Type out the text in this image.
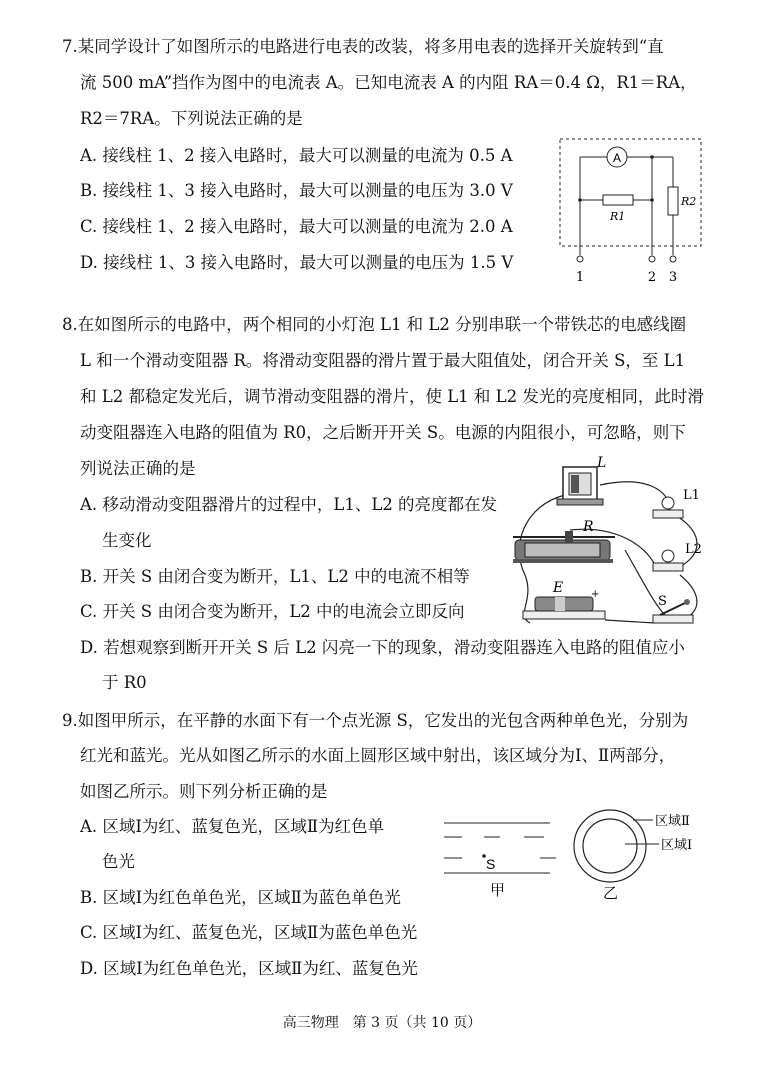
7.某同学设计了如图所示的电路进行电表的改装，将多用电表的选择开关旋转到“直
流 500 mA”挡作为图中的电流表 A。已知电流表 A 的内阻 RA＝0.4 Ω，R1＝RA，
R2＝7RA。下列说法正确的是
A. 接线柱 1、2 接入电路时，最大可以测量的电流为 0.5 A
B. 接线柱 1、3 接入电路时，最大可以测量的电压为 3.0 V
C. 接线柱 1、2 接入电路时，最大可以测量的电流为 2.0 A
D. 接线柱 1、3 接入电路时，最大可以测量的电压为 1.5 V
A
R1
R2
1	2 3
8.在如图所示的电路中，两个相同的小灯泡 L1 和 L2 分别串联一个带铁芯的电感线圈
L 和一个滑动变阻器 R。将滑动变阻器的滑片置于最大阻值处，闭合开关 S，至 L1
和 L2 都稳定发光后，调节滑动变阻器的滑片，使 L1 和 L2 发光的亮度相同，此时滑
动变阻器连入电路的阻值为 R0，之后断开开关 S。电源的内阻很小，可忽略，则下
列说法正确的是
A. 移动滑动变阻器滑片的过程中，L1、L2 的亮度都在发
生变化
B. 开关 S 由闭合变为断开，L1、L2 中的电流不相等
C. 开关 S 由闭合变为断开，L2 中的电流会立即反向
D. 若想观察到断开开关 S 后 L2 闪亮一下的现象，滑动变阻器连入电路的阻值应小
于 R0
L
L1
R
L2
E	+	S
9.如图甲所示，在平静的水面下有一个点光源 S，它发出的光包含两种单色光，分别为
红光和蓝光。光从如图乙所示的水面上圆形区域中射出，该区域分为Ⅰ、Ⅱ两部分，
如图乙所示。则下列分析正确的是
A. 区域Ⅰ为红、蓝复色光，区域Ⅱ为红色单
色光
B. 区域Ⅰ为红色单色光，区域Ⅱ为蓝色单色光
C. 区域Ⅰ为红、蓝复色光，区域Ⅱ为蓝色单色光
D. 区域Ⅰ为红色单色光，区域Ⅱ为红、蓝复色光
S
甲
区域Ⅱ
区域Ⅰ
乙
高三物理　第 3 页（共 10 页）
